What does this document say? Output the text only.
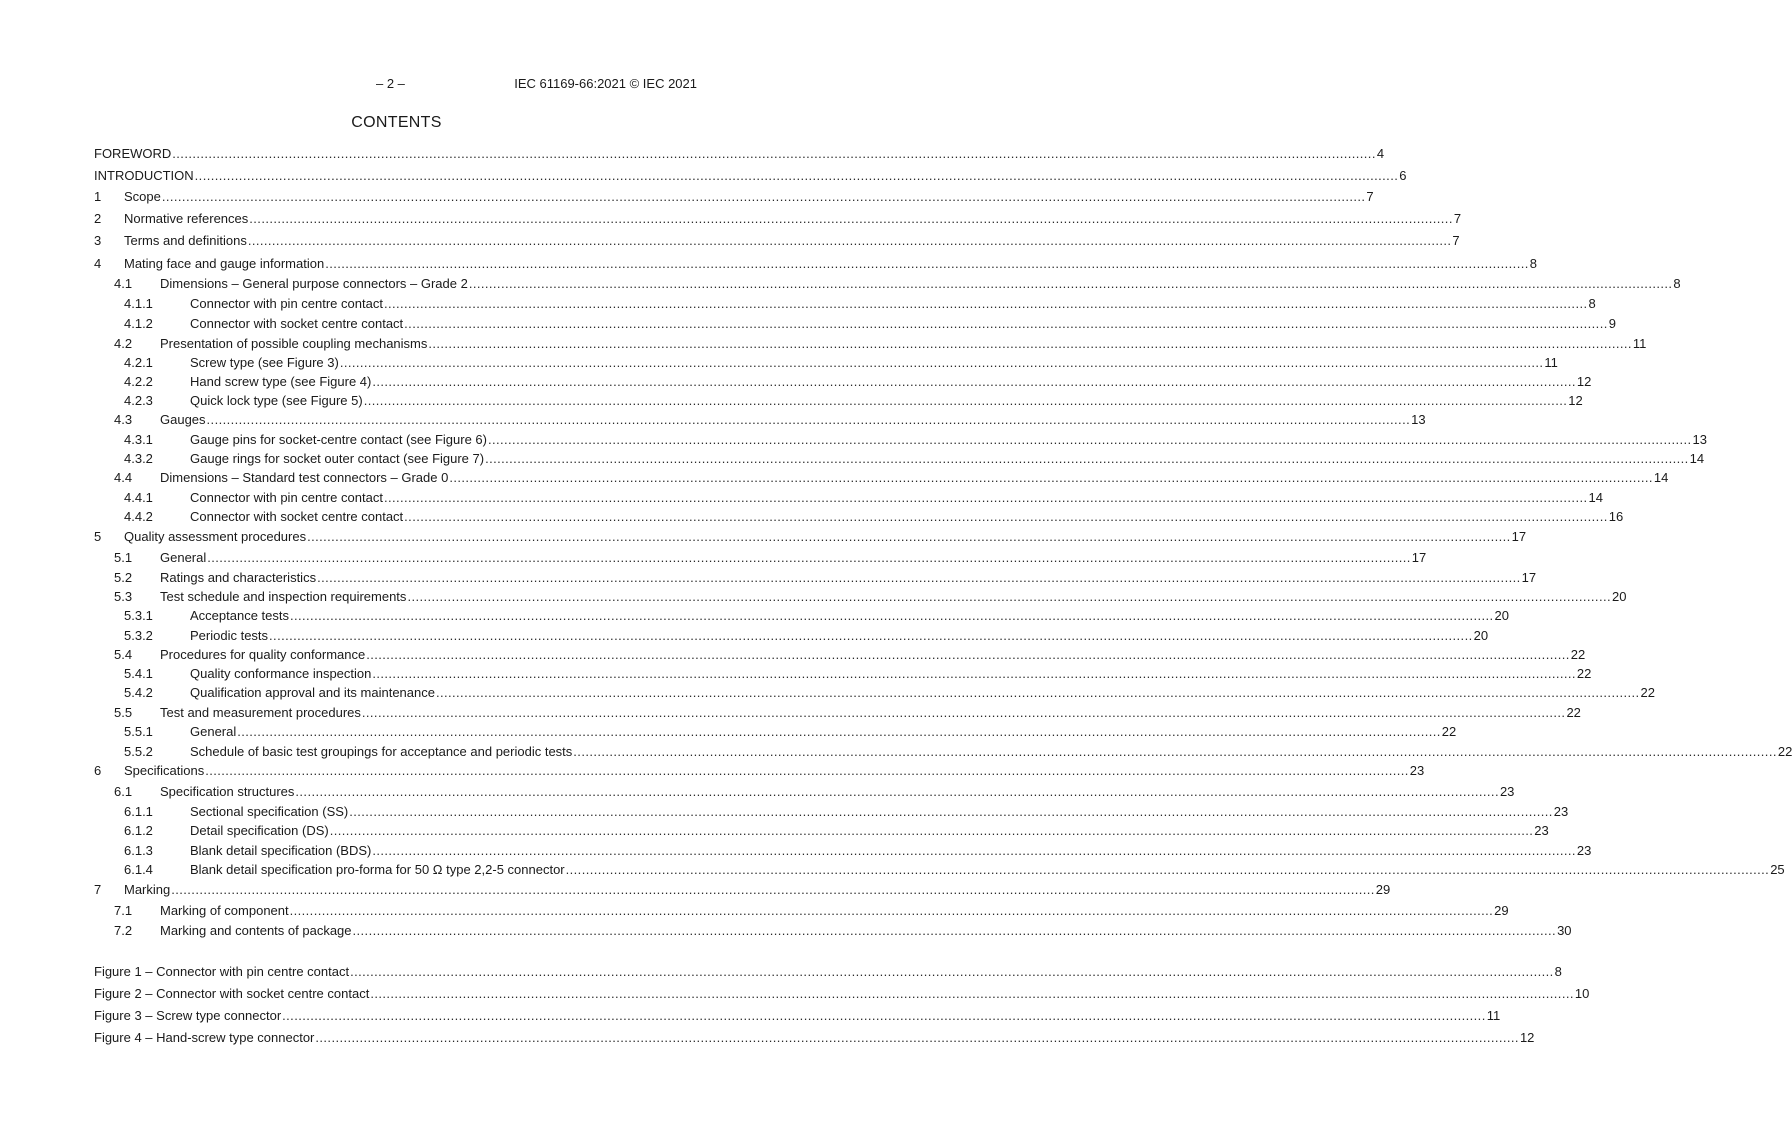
– 2 –	IEC 61169-66:2021 © IEC 2021
CONTENTS
FOREWORD ............................................................................................................................................................................................................................................................................................................ 4
INTRODUCTION ............................................................................................................................................................................................................................................................................................................ 6
1 Scope ............................................................................................................................................................................................................................................................................................................ 7
2 Normative references ............................................................................................................................................................................................................................................................................................................ 7
3 Terms and definitions ............................................................................................................................................................................................................................................................................................................ 7
4 Mating face and gauge information ............................................................................................................................................................................................................................................................................................................ 8
4.1 Dimensions – General purpose connectors – Grade 2 ............................................................................................................................................................................................................................................................................................................ 8
4.1.1	Connector with pin centre contact ............................................................................................................................................................................................................................................................................................................ 8
4.1.2	Connector with socket centre contact ............................................................................................................................................................................................................................................................................................................ 9
4.2 Presentation of possible coupling mechanisms ............................................................................................................................................................................................................................................................................................................ 11
4.2.1	Screw type (see Figure 3) ............................................................................................................................................................................................................................................................................................................ 11
4.2.2	Hand screw type (see Figure 4) ............................................................................................................................................................................................................................................................................................................ 12
4.2.3	Quick lock type (see Figure 5) ............................................................................................................................................................................................................................................................................................................ 12
4.3 Gauges ............................................................................................................................................................................................................................................................................................................ 13
4.3.1	Gauge pins for socket-centre contact (see Figure 6) ............................................................................................................................................................................................................................................................................................................ 13
4.3.2	Gauge rings for socket outer contact (see Figure 7) ............................................................................................................................................................................................................................................................................................................ 14
4.4 Dimensions – Standard test connectors – Grade 0 ............................................................................................................................................................................................................................................................................................................ 14
4.4.1	Connector with pin centre contact ............................................................................................................................................................................................................................................................................................................ 14
4.4.2	Connector with socket centre contact ............................................................................................................................................................................................................................................................................................................ 16
5 Quality assessment procedures ............................................................................................................................................................................................................................................................................................................ 17
5.1 General ............................................................................................................................................................................................................................................................................................................ 17
5.2 Ratings and characteristics ............................................................................................................................................................................................................................................................................................................ 17
5.3 Test schedule and inspection requirements ............................................................................................................................................................................................................................................................................................................ 20
5.3.1	Acceptance tests ............................................................................................................................................................................................................................................................................................................ 20
5.3.2	Periodic tests ............................................................................................................................................................................................................................................................................................................ 20
5.4 Procedures for quality conformance ............................................................................................................................................................................................................................................................................................................ 22
5.4.1	Quality conformance inspection ............................................................................................................................................................................................................................................................................................................ 22
5.4.2	Qualification approval and its maintenance ............................................................................................................................................................................................................................................................................................................ 22
5.5 Test and measurement procedures ............................................................................................................................................................................................................................................................................................................ 22
5.5.1	General ............................................................................................................................................................................................................................................................................................................ 22
5.5.2	Schedule of basic test groupings for acceptance and periodic tests ............................................................................................................................................................................................................................................................................................................ 22
6 Specifications ............................................................................................................................................................................................................................................................................................................ 23
6.1 Specification structures ............................................................................................................................................................................................................................................................................................................ 23
6.1.1	Sectional specification (SS) ............................................................................................................................................................................................................................................................................................................ 23
6.1.2	Detail specification (DS) ............................................................................................................................................................................................................................................................................................................ 23
6.1.3	Blank detail specification (BDS) ............................................................................................................................................................................................................................................................................................................ 23
6.1.4	Blank detail specification pro-forma for 50 Ω type 2,2-5 connector ............................................................................................................................................................................................................................................................................................................ 25
7 Marking ............................................................................................................................................................................................................................................................................................................ 29
7.1 Marking of component ............................................................................................................................................................................................................................................................................................................ 29
7.2 Marking and contents of package ............................................................................................................................................................................................................................................................................................................ 30
Figure 1 – Connector with pin centre contact ............................................................................................................................................................................................................................................................................................................ 8
Figure 2 – Connector with socket centre contact ............................................................................................................................................................................................................................................................................................................ 10
Figure 3 – Screw type connector ............................................................................................................................................................................................................................................................................................................ 11
Figure 4 – Hand-screw type connector ............................................................................................................................................................................................................................................................................................................ 12
